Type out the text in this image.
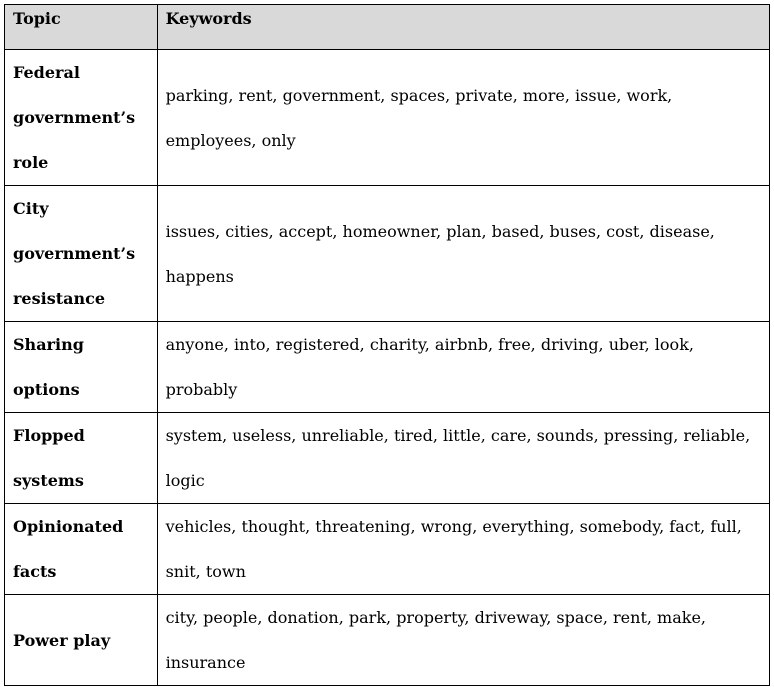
Topic	Keywords
Federal government’s role	parking, rent, government, spaces, private, more, issue, work, employees, only
City government’s resistance	issues, cities, accept, homeowner, plan, based, buses, cost, disease, happens
Sharing options	anyone, into, registered, charity, airbnb, free, driving, uber, look, probably
Flopped systems	system, useless, unreliable, tired, little, care, sounds, pressing, reliable, logic
Opinionated facts	vehicles, thought, threatening, wrong, everything, somebody, fact, full, snit, town
Power play	city, people, donation, park, property, driveway, space, rent, make, insurance
